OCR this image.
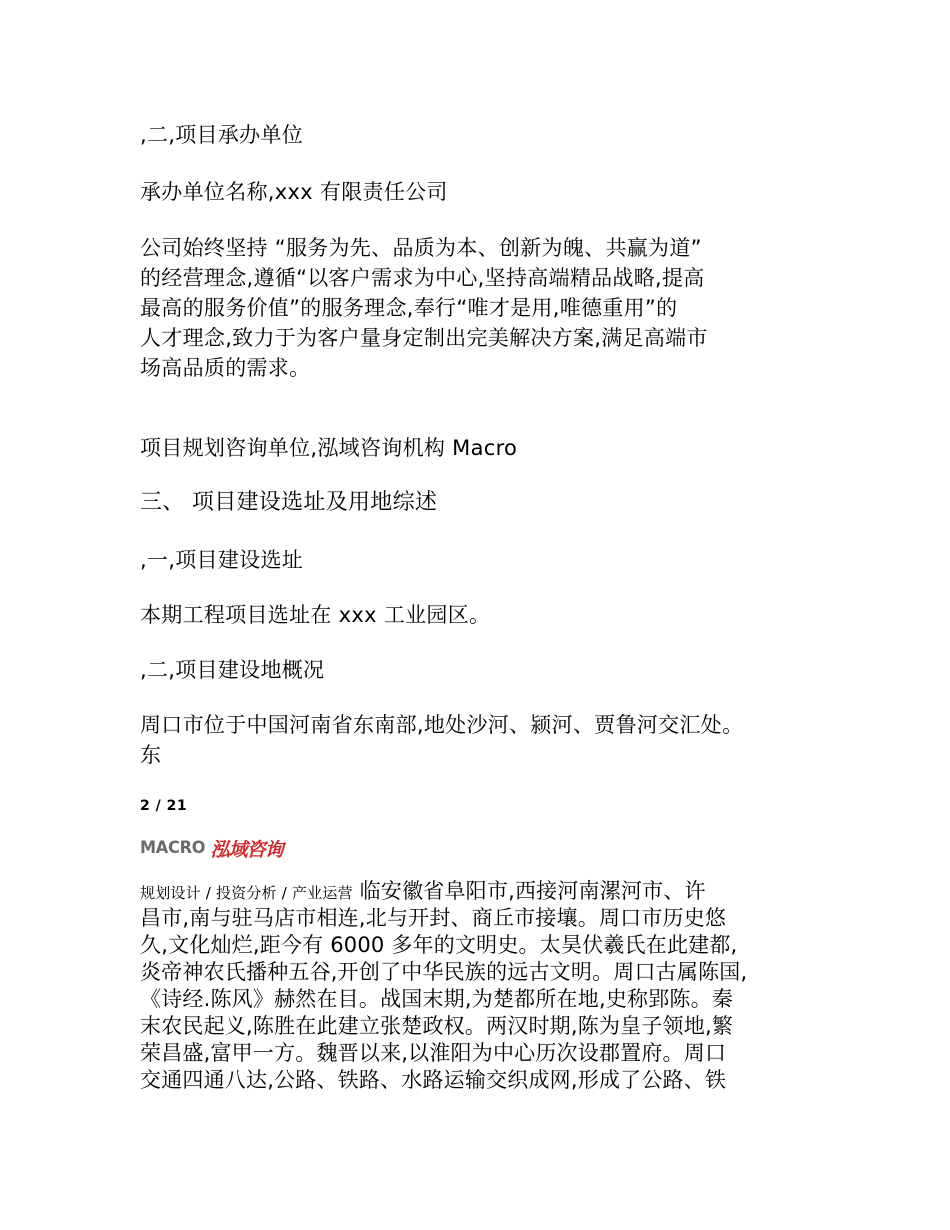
,二,项目承办单位
承办单位名称,xxx 有限责任公司
公司始终坚持 “服务为先、品质为本、创新为魄、共赢为道”
的经营理念,遵循“以客户需求为中心,坚持高端精品战略,提高
最高的服务价值”的服务理念,奉行“唯才是用,唯德重用”的
人才理念,致力于为客户量身定制出完美解决方案,满足高端市
场高品质的需求。
项目规划咨询单位,泓域咨询机构 Macro
三、 项目建设选址及用地综述
,一,项目建设选址
本期工程项目选址在 xxx 工业园区。
,二,项目建设地概况
周口市位于中国河南省东南部,地处沙河、颍河、贾鲁河交汇处。
东
2 / 21
MACRO 泓域咨询
规划设计 / 投资分析 / 产业运营 临安徽省阜阳市,西接河南漯河市、许
昌市,南与驻马店市相连,北与开封、商丘市接壤。周口市历史悠
久,文化灿烂,距今有 6000 多年的文明史。太昊伏羲氏在此建都,
炎帝神农氏播种五谷,开创了中华民族的远古文明。周口古属陈国,
《诗经.陈风》赫然在目。战国末期,为楚都所在地,史称郢陈。秦
末农民起义,陈胜在此建立张楚政权。两汉时期,陈为皇子领地,繁
荣昌盛,富甲一方。魏晋以来,以淮阳为中心历次设郡置府。周口
交通四通八达,公路、铁路、水路运输交织成网,形成了公路、铁
